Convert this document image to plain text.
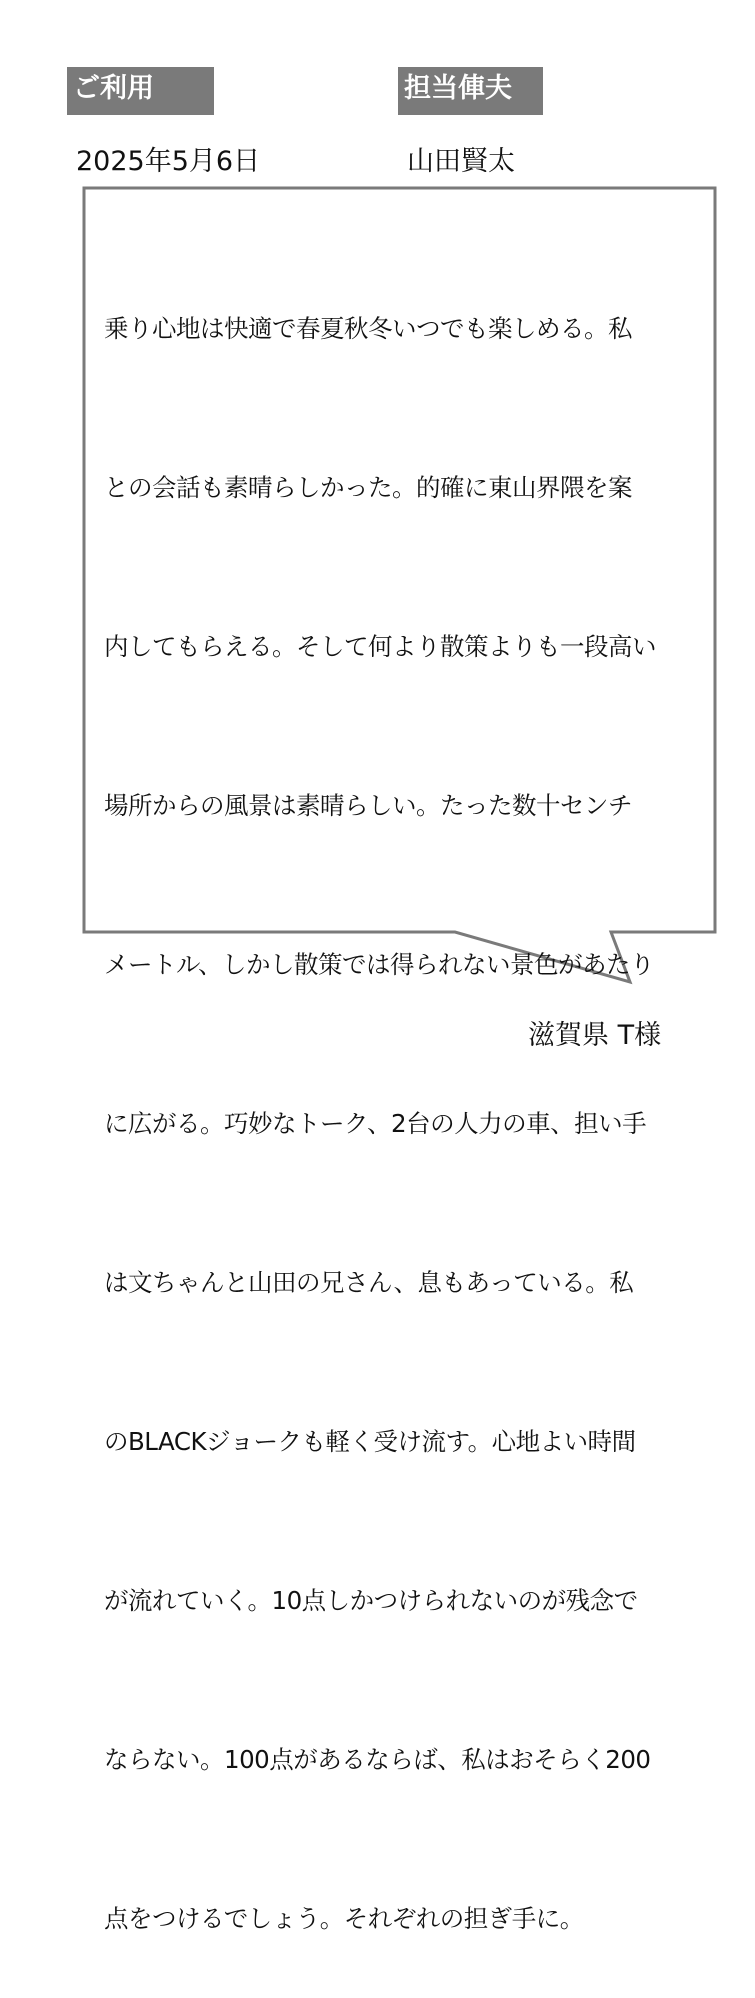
ご利用	担当俥夫
2025年5月6日	山田賢太

乗り心地は快適で春夏秋冬いつでも楽しめる。私

との会話も素晴らしかった。的確に東山界隈を案

内してもらえる。そして何より散策よりも一段高い

場所からの風景は素晴らしい。たった数十センチ

メートル、しかし散策では得られない景色があたり

に広がる。巧妙なトーク、2台の人力の車、担い手

は文ちゃんと山田の兄さん、息もあっている。私

のBLACKジョークも軽く受け流す。心地よい時間

が流れていく。10点しかつけられないのが残念で

ならない。100点があるならば、私はおそらく200

点をつけるでしょう。それぞれの担ぎ手に。

滋賀県 T様
